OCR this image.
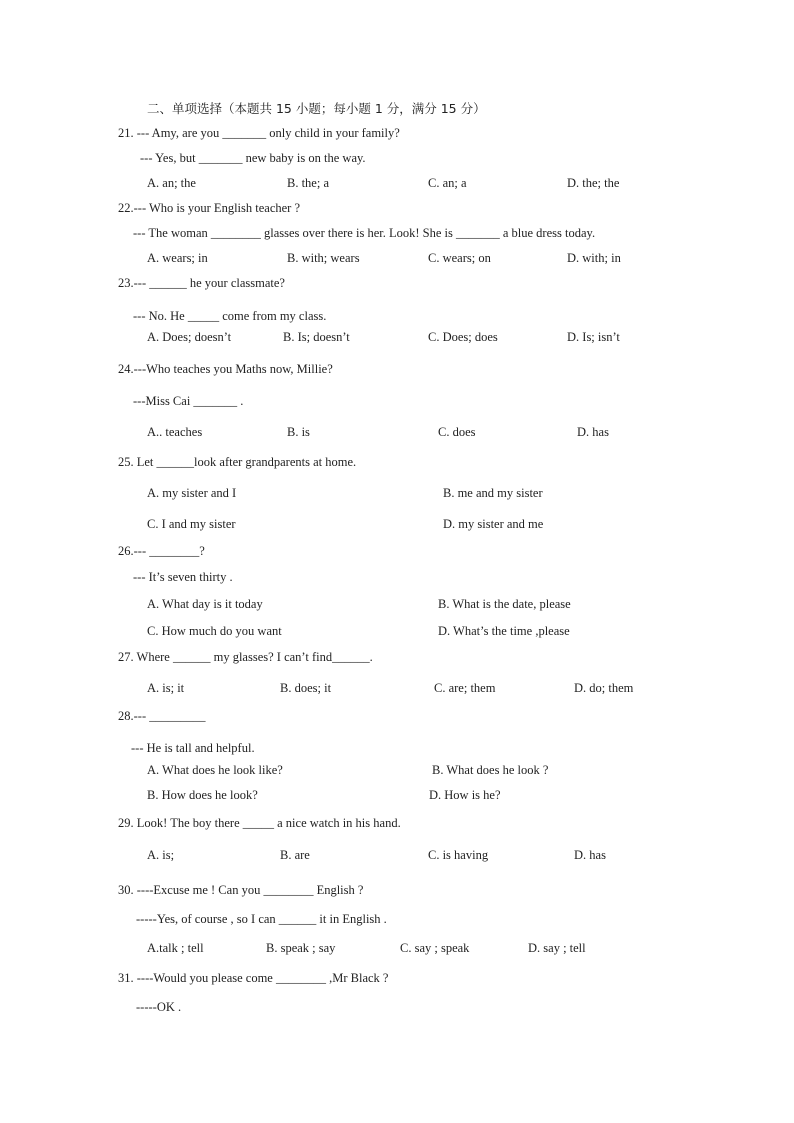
二、单项选择（本题共 15 小题；每小题 1 分，满分 15 分）
21. --- Amy, are you _______ only child in your family?
--- Yes, but _______ new baby is on the way.
A. an; the	B. the; a	C. an; a	D. the; the
22.--- Who is your English teacher ?
--- The woman ________ glasses over there is her. Look! She is _______ a blue dress today.
A. wears; in	B. with; wears	C. wears; on	D. with; in
23.--- ______ he your classmate?
--- No. He _____ come from my class.
A. Does; doesn’t	B. Is; doesn’t	C. Does; does	D. Is; isn’t
24.---Who teaches you Maths now, Millie?
---Miss Cai _______ .
A.. teaches	B. is	C. does	D. has
25. Let ______look after grandparents at home.
A. my sister and I	B. me and my sister
C. I and my sister	D. my sister and me
26.--- ________?
--- It’s seven thirty .
A. What day is it today	B. What is the date, please
C. How much do you want	D. What’s the time ,please
27. Where ______ my glasses? I can’t find______.
A. is; it	B. does; it	C. are; them	D. do; them
28.--- _________
--- He is tall and helpful.
A. What does he look like?	B. What does he look ?
B. How does he look?	D. How is he?
29. Look! The boy there _____ a nice watch in his hand.
A. is;	B. are	C. is having	D. has
30. ----Excuse me ! Can you ________ English ?
-----Yes, of course , so I can ______ it in English .
A.talk ; tell	B. speak ; say	C. say ; speak	D. say ; tell
31. ----Would you please come ________ ,Mr Black ?
-----OK .
